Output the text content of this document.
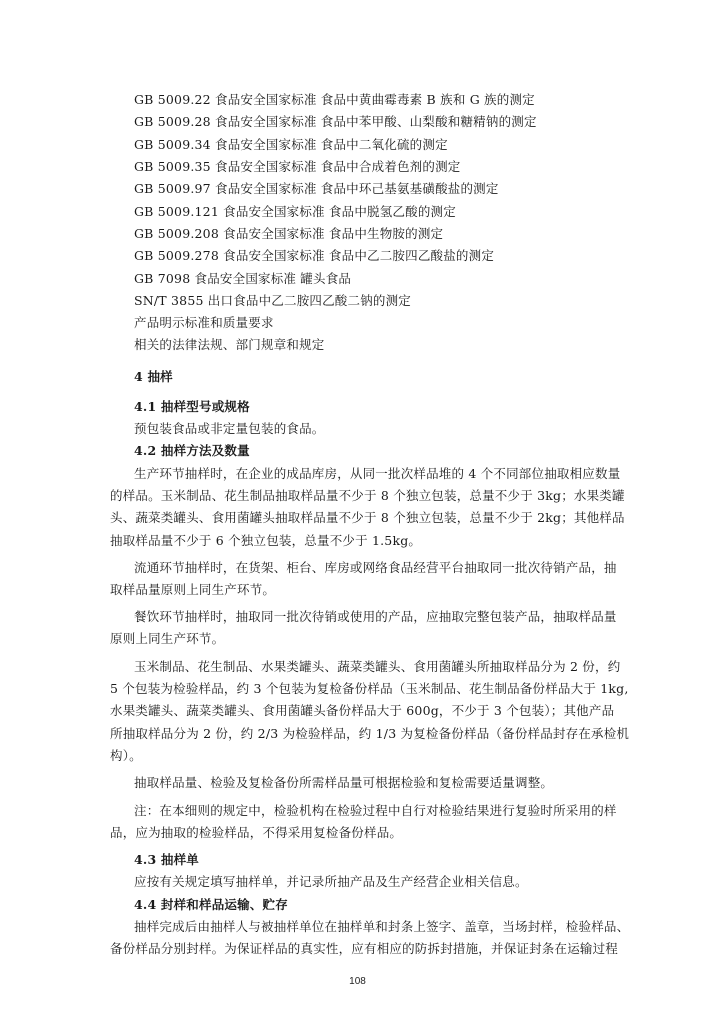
GB 5009.22 食品安全国家标准 食品中黄曲霉毒素 B 族和 G 族的测定
GB 5009.28 食品安全国家标准 食品中苯甲酸、山梨酸和糖精钠的测定
GB 5009.34 食品安全国家标准 食品中二氧化硫的测定
GB 5009.35 食品安全国家标准 食品中合成着色剂的测定
GB 5009.97 食品安全国家标准 食品中环己基氨基磺酸盐的测定
GB 5009.121 食品安全国家标准 食品中脱氢乙酸的测定
GB 5009.208 食品安全国家标准 食品中生物胺的测定
GB 5009.278 食品安全国家标准 食品中乙二胺四乙酸盐的测定
GB 7098 食品安全国家标准 罐头食品
SN/T 3855 出口食品中乙二胺四乙酸二钠的测定
产品明示标准和质量要求
相关的法律法规、部门规章和规定
4 抽样
4.1 抽样型号或规格
预包装食品或非定量包装的食品。
4.2 抽样方法及数量
生产环节抽样时，在企业的成品库房，从同一批次样品堆的 4 个不同部位抽取相应数量
的样品。玉米制品、花生制品抽取样品量不少于 8 个独立包装，总量不少于 3kg；水果类罐
头、蔬菜类罐头、食用菌罐头抽取样品量不少于 8 个独立包装，总量不少于 2kg；其他样品
抽取样品量不少于 6 个独立包装，总量不少于 1.5kg。
流通环节抽样时，在货架、柜台、库房或网络食品经营平台抽取同一批次待销产品，抽
取样品量原则上同生产环节。
餐饮环节抽样时，抽取同一批次待销或使用的产品，应抽取完整包装产品，抽取样品量
原则上同生产环节。
玉米制品、花生制品、水果类罐头、蔬菜类罐头、食用菌罐头所抽取样品分为 2 份，约
5 个包装为检验样品，约 3 个包装为复检备份样品（玉米制品、花生制品备份样品大于 1kg,
水果类罐头、蔬菜类罐头、食用菌罐头备份样品大于 600g，不少于 3 个包装）；其他产品
所抽取样品分为 2 份，约 2/3 为检验样品，约 1/3 为复检备份样品（备份样品封存在承检机
构）。
抽取样品量、检验及复检备份所需样品量可根据检验和复检需要适量调整。
注：在本细则的规定中，检验机构在检验过程中自行对检验结果进行复验时所采用的样
品，应为抽取的检验样品，不得采用复检备份样品。
4.3 抽样单
应按有关规定填写抽样单，并记录所抽产品及生产经营企业相关信息。
4.4 封样和样品运输、贮存
抽样完成后由抽样人与被抽样单位在抽样单和封条上签字、盖章，当场封样，检验样品、
备份样品分别封样。为保证样品的真实性，应有相应的防拆封措施，并保证封条在运输过程
108
